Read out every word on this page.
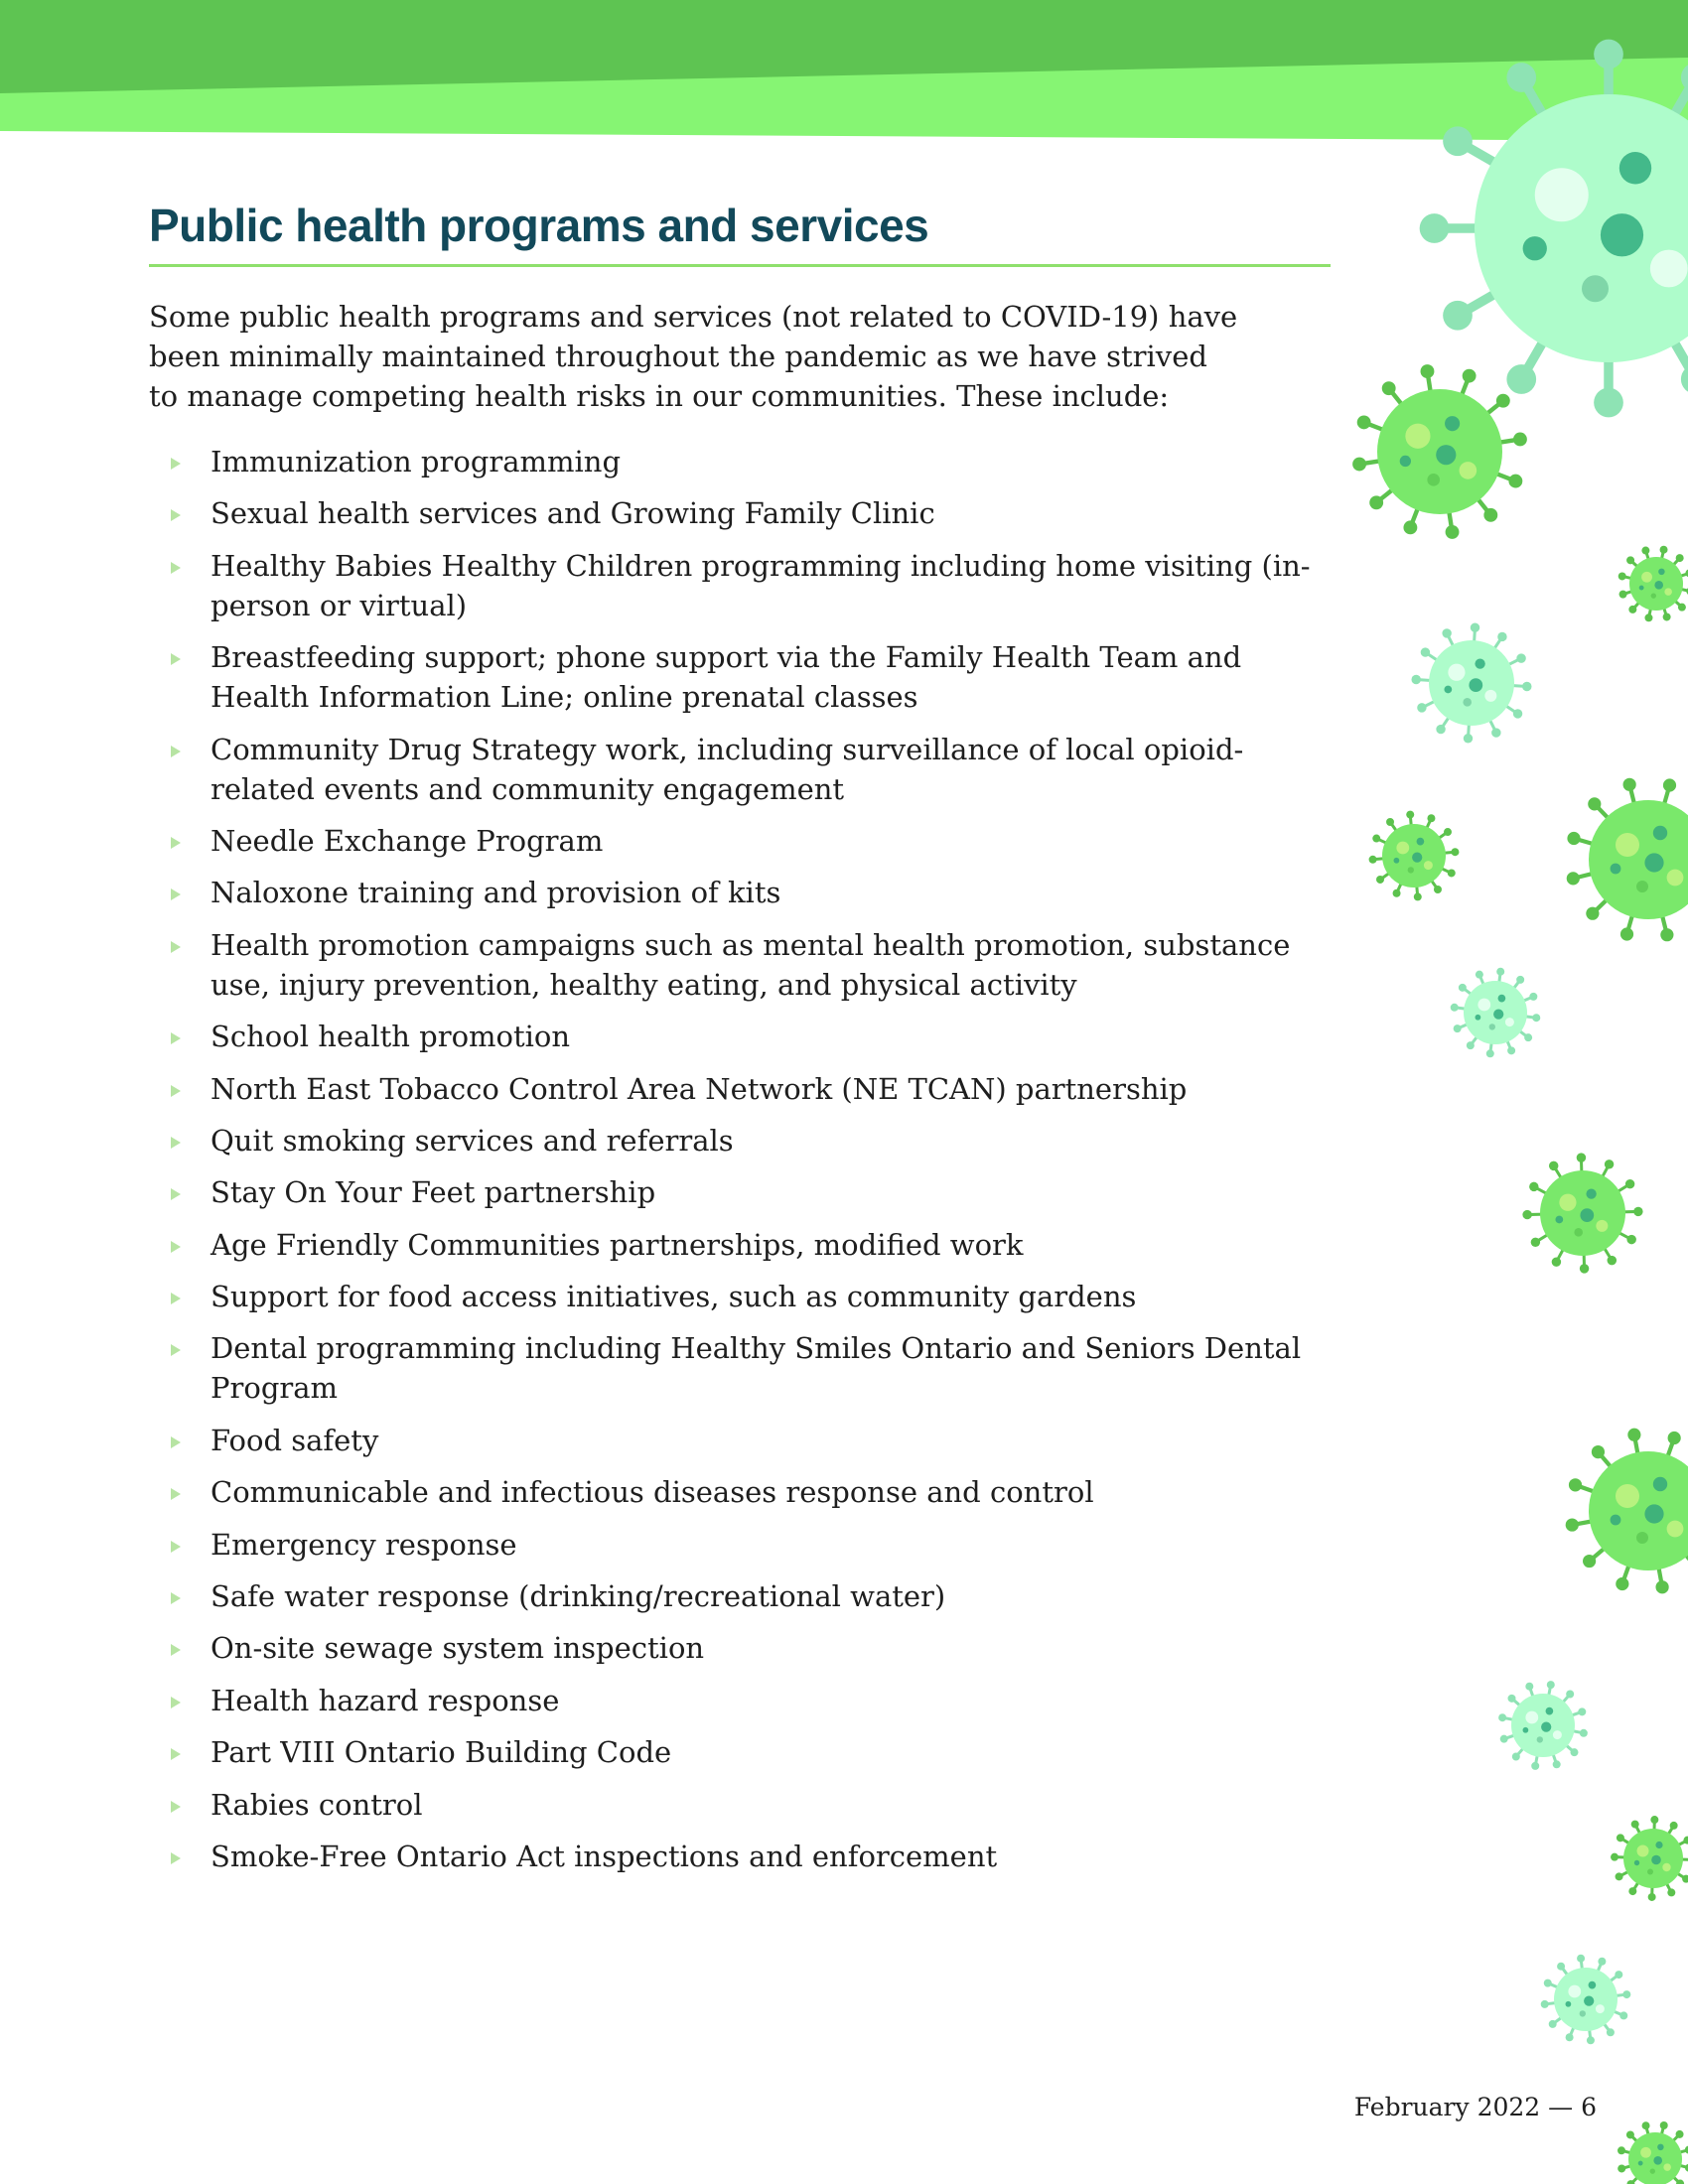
Public health programs and services

Some public health programs and services (not related to COVID-19) have been minimally maintained throughout the pandemic as we have strived to manage competing health risks in our communities. These include:

Immunization programming
Sexual health services and Growing Family Clinic
Healthy Babies Healthy Children programming including home visiting (in-person or virtual)
Breastfeeding support; phone support via the Family Health Team and Health Information Line; online prenatal classes
Community Drug Strategy work, including surveillance of local opioid-related events and community engagement
Needle Exchange Program
Naloxone training and provision of kits
Health promotion campaigns such as mental health promotion, substance use, injury prevention, healthy eating, and physical activity
School health promotion
North East Tobacco Control Area Network (NE TCAN) partnership
Quit smoking services and referrals
Stay On Your Feet partnership
Age Friendly Communities partnerships, modified work
Support for food access initiatives, such as community gardens
Dental programming including Healthy Smiles Ontario and Seniors Dental Program
Food safety
Communicable and infectious diseases response and control
Emergency response
Safe water response (drinking/recreational water)
On-site sewage system inspection
Health hazard response
Part VIII Ontario Building Code
Rabies control
Smoke-Free Ontario Act inspections and enforcement
February 2022 — 6
